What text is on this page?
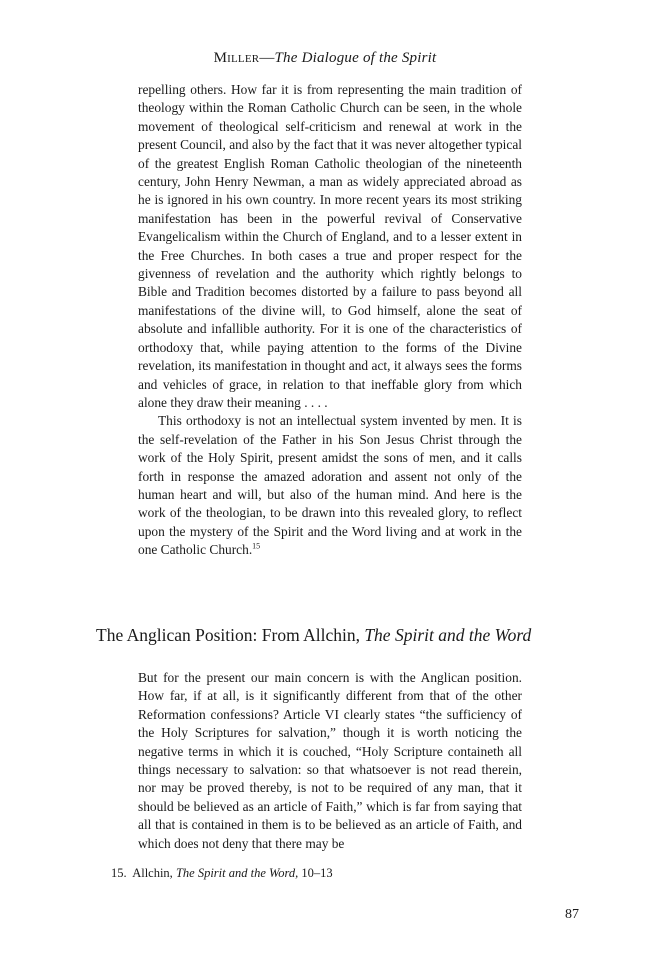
Miller—The Dialogue of the Spirit

repelling others. How far it is from representing the main tradition of theology within the Roman Catholic Church can be seen, in the whole movement of theological self-criticism and renewal at work in the present Council, and also by the fact that it was never altogether typical of the greatest English Roman Catholic theologian of the nineteenth century, John Henry Newman, a man as widely appreciated abroad as he is ignored in his own country. In more recent years its most striking manifestation has been in the powerful revival of Conservative Evangelicalism within the Church of England, and to a lesser extent in the Free Churches. In both cases a true and proper respect for the givenness of revelation and the authority which rightly belongs to Bible and Tradition becomes distorted by a failure to pass beyond all manifestations of the divine will, to God himself, alone the seat of absolute and infallible authority. For it is one of the characteristics of orthodoxy that, while paying attention to the forms of the Divine revelation, its manifestation in thought and act, it always sees the forms and vehicles of grace, in relation to that ineffable glory from which alone they draw their meaning . . . .

This orthodoxy is not an intellectual system invented by men. It is the self-revelation of the Father in his Son Jesus Christ through the work of the Holy Spirit, present amidst the sons of men, and it calls forth in response the amazed adoration and assent not only of the human heart and will, but also of the human mind. And here is the work of the theologian, to be drawn into this revealed glory, to reflect upon the mystery of the Spirit and the Word living and at work in the one Catholic Church.$^{15}$

The Anglican Position: From Allchin, The Spirit and the Word

But for the present our main concern is with the Anglican position. How far, if at all, is it significantly different from that of the other Reformation confessions? Article VI clearly states “the sufficiency of the Holy Scriptures for salvation,” though it is worth noticing the negative terms in which it is couched, “Holy Scripture containeth all things necessary to salvation: so that whatsoever is not read therein, nor may be proved thereby, is not to be required of any man, that it should be believed as an article of Faith,” which is far from saying that all that is contained in them is to be believed as an article of Faith, and which does not deny that there may be

15. Allchin, The Spirit and the Word, 10–13
87
